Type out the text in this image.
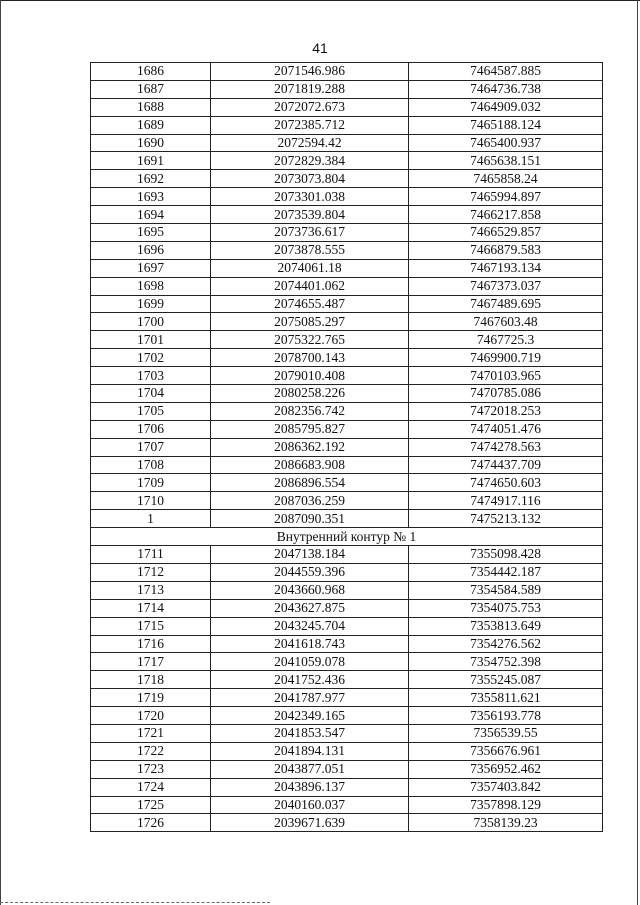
41
1686	2071546.986	7464587.885
1687	2071819.288	7464736.738
1688	2072072.673	7464909.032
1689	2072385.712	7465188.124
1690	2072594.42	7465400.937
1691	2072829.384	7465638.151
1692	2073073.804	7465858.24
1693	2073301.038	7465994.897
1694	2073539.804	7466217.858
1695	2073736.617	7466529.857
1696	2073878.555	7466879.583
1697	2074061.18	7467193.134
1698	2074401.062	7467373.037
1699	2074655.487	7467489.695
1700	2075085.297	7467603.48
1701	2075322.765	7467725.3
1702	2078700.143	7469900.719
1703	2079010.408	7470103.965
1704	2080258.226	7470785.086
1705	2082356.742	7472018.253
1706	2085795.827	7474051.476
1707	2086362.192	7474278.563
1708	2086683.908	7474437.709
1709	2086896.554	7474650.603
1710	2087036.259	7474917.116
1	2087090.351	7475213.132
Внутренний контур № 1		
1711	2047138.184	7355098.428
1712	2044559.396	7354442.187
1713	2043660.968	7354584.589
1714	2043627.875	7354075.753
1715	2043245.704	7353813.649
1716	2041618.743	7354276.562
1717	2041059.078	7354752.398
1718	2041752.436	7355245.087
1719	2041787.977	7355811.621
1720	2042349.165	7356193.778
1721	2041853.547	7356539.55
1722	2041894.131	7356676.961
1723	2043877.051	7356952.462
1724	2043896.137	7357403.842
1725	2040160.037	7357898.129
1726	2039671.639	7358139.23
